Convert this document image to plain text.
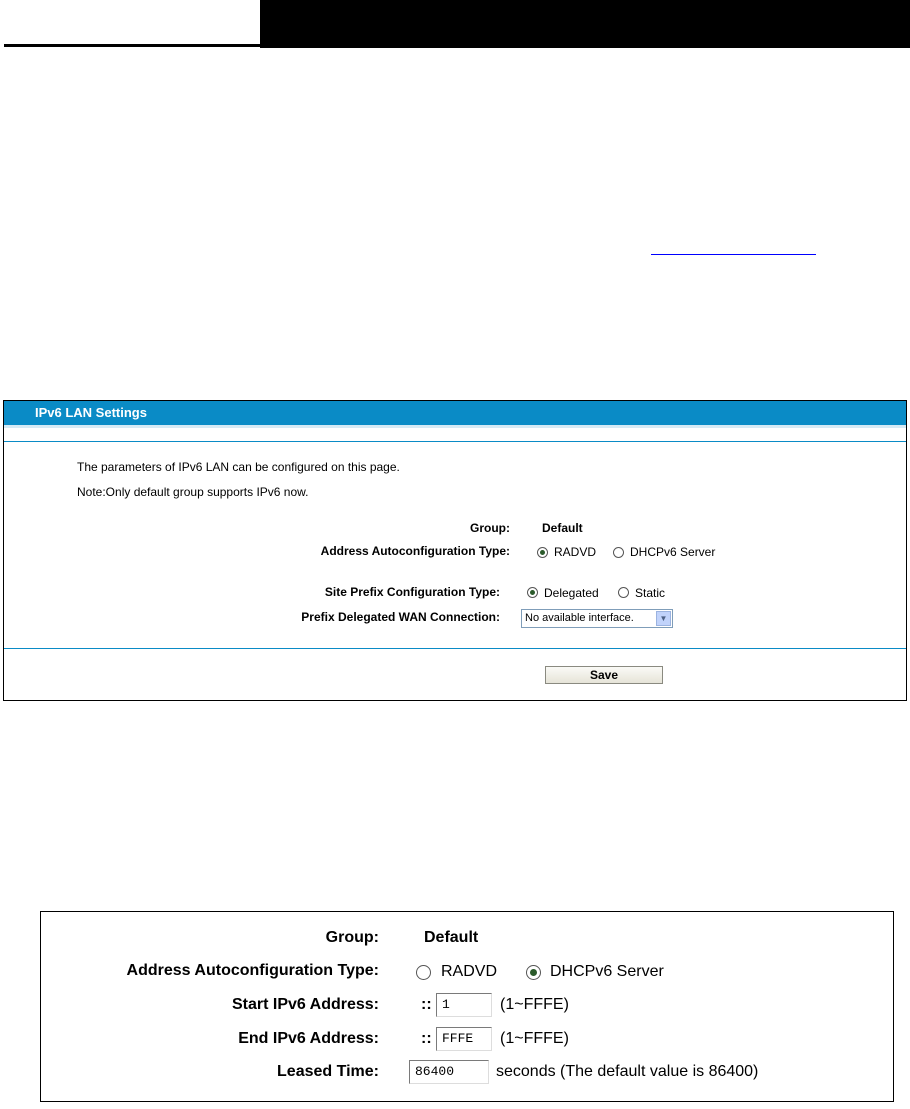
IPv6 LAN Settings
The parameters of IPv6 LAN can be configured on this page.
Note:Only default group supports IPv6 now.
Group:	Default
Address Autoconfiguration Type:	RADVD	DHCPv6 Server
Site Prefix Configuration Type:	Delegated	Static
Prefix Delegated WAN Connection: No available interface.	▼
Save
Group:	Default
Address Autoconfiguration Type:	RADVD	DHCPv6 Server
Start IPv6 Address:	:: 1	(1~FFFE)
End IPv6 Address:	:: FFFE	(1~FFFE)
Leased Time:	86400	seconds (The default value is 86400)
